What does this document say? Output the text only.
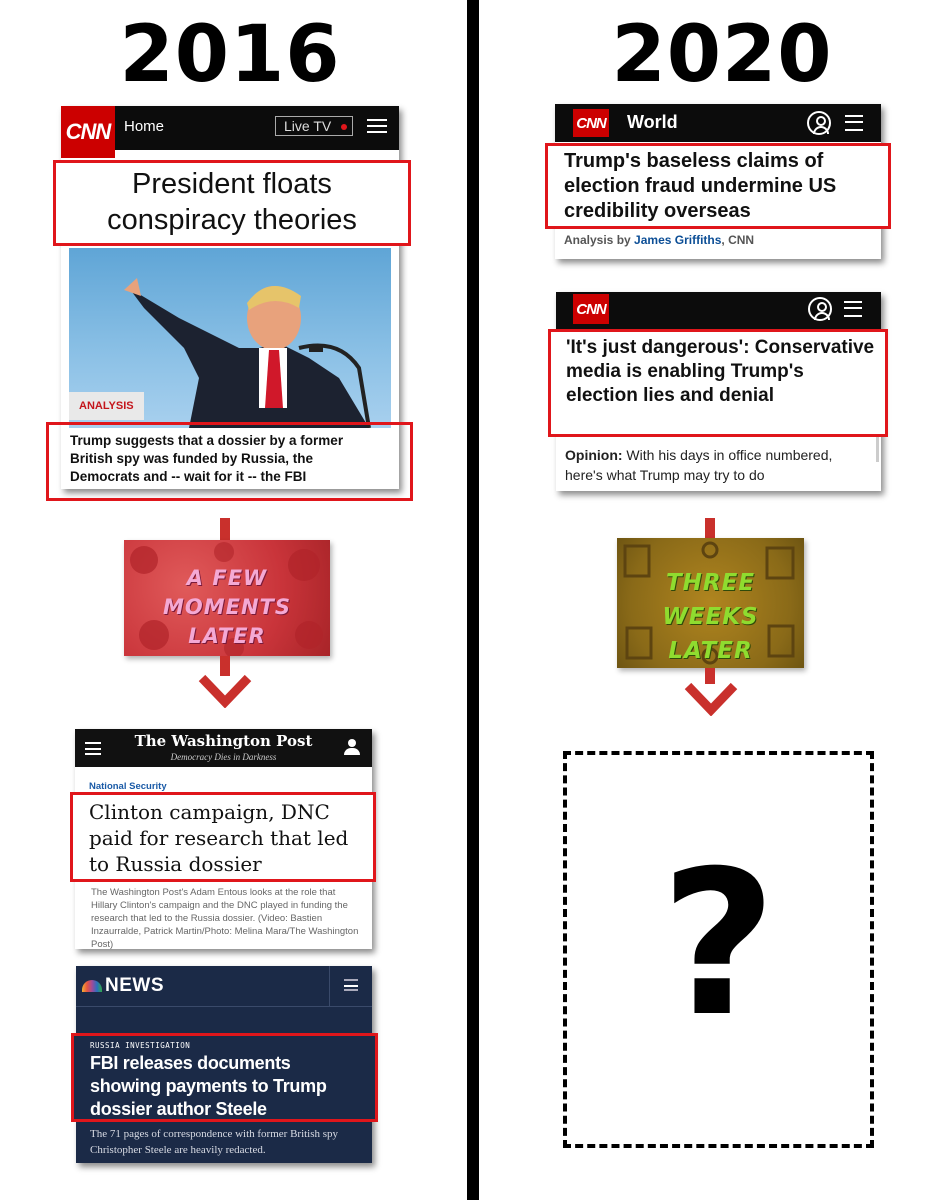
2016	2020
CNN Home	Live TV
ANALYSIS
Trump suggests that a dossier by a former British spy was funded by Russia, the Democrats and -- wait for it -- the FBI
President floats conspiracy theories
A FEW MOMENTS LATER
The Washington Post
Democracy Dies in Darkness
National Security
The Washington Post's Adam Entous looks at the role that Hillary Clinton's campaign and the DNC played in funding the research that led to the Russia dossier. (Video: Bastien Inzaurralde, Patrick Martin/Photo: Melina Mara/The Washington Post)
Clinton campaign, DNC paid for research that led to Russia dossier
NEWS
The 71 pages of correspondence with former British spy Christopher Steele are heavily redacted.
RUSSIA INVESTIGATION
FBI releases documents showing payments to Trump dossier author Steele
CNN World
Analysis by James Griffiths, CNN
Trump's baseless claims of election fraud undermine US credibility overseas
CNN
Opinion: With his days in office numbered, here's what Trump may try to do
'It's just dangerous': Conservative media is enabling Trump's election lies and denial
THREE WEEKS LATER
?
